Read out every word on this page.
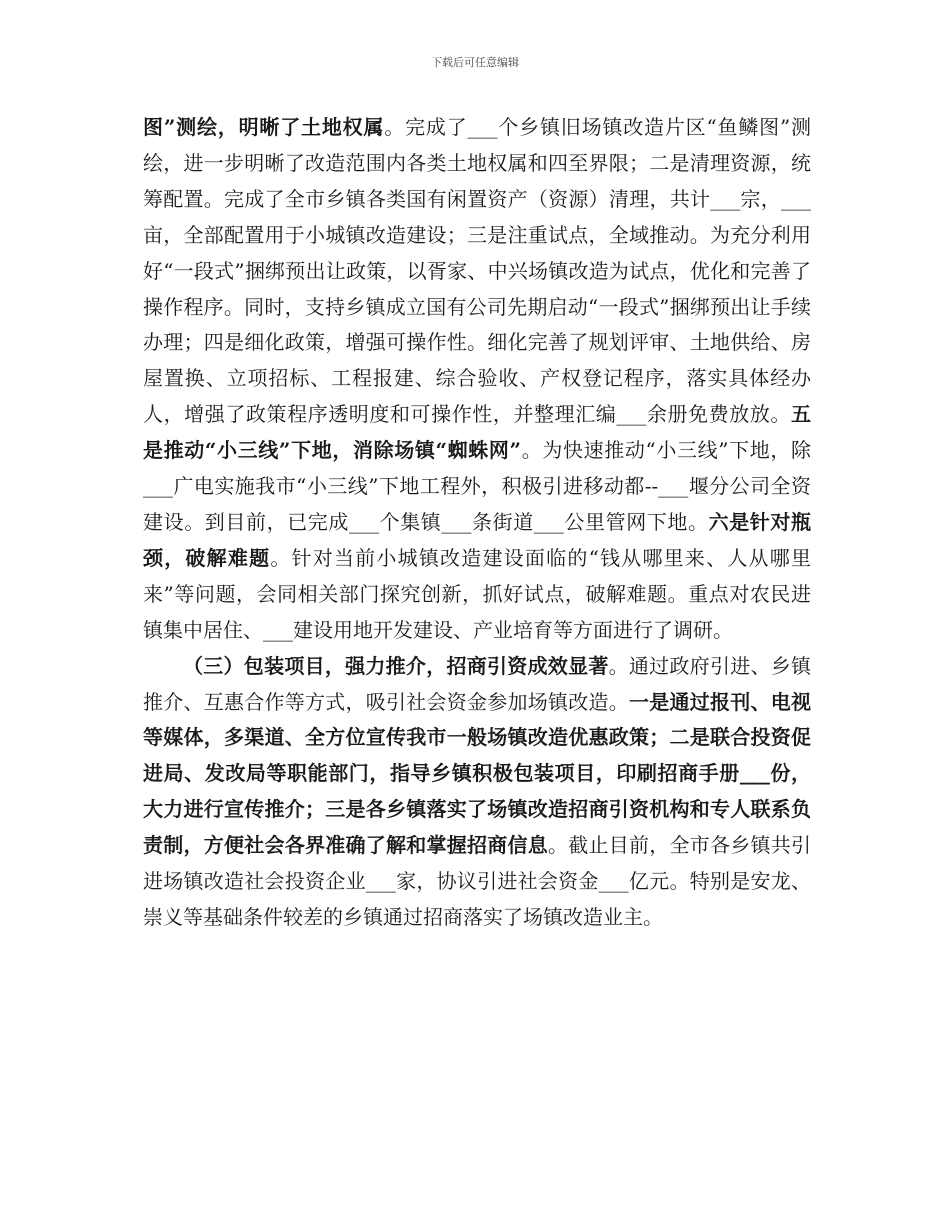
下载后可任意编辑

图”测绘，明晰了土地权属。完成了___个乡镇旧场镇改造片区“鱼鳞图”测绘，进一步明晰了改造范围内各类土地权属和四至界限；二是清理资源，统筹配置。完成了全市乡镇各类国有闲置资产（资源）清理，共计___宗，___亩，全部配置用于小城镇改造建设；三是注重试点，全域推动。为充分利用好“一段式”捆绑预出让政策，以胥家、中兴场镇改造为试点，优化和完善了操作程序。同时，支持乡镇成立国有公司先期启动“一段式”捆绑预出让手续办理；四是细化政策，增强可操作性。细化完善了规划评审、土地供给、房屋置换、立项招标、工程报建、综合验收、产权登记程序，落实具体经办人，增强了政策程序透明度和可操作性，并整理汇编___余册免费放放。五是推动“小三线”下地，消除场镇“蜘蛛网”。为快速推动“小三线”下地，除___广电实施我市“小三线”下地工程外，积极引进移动都--___堰分公司全资建设。到目前，已完成___个集镇___条街道___公里管网下地。六是针对瓶颈，破解难题。针对当前小城镇改造建设面临的“钱从哪里来、人从哪里来”等问题，会同相关部门探究创新，抓好试点，破解难题。重点对农民进镇集中居住、___建设用地开发建设、产业培育等方面进行了调研。

（三）包装项目，强力推介，招商引资成效显著。通过政府引进、乡镇推介、互惠合作等方式，吸引社会资金参加场镇改造。一是通过报刊、电视等媒体，多渠道、全方位宣传我市一般场镇改造优惠政策；二是联合投资促进局、发改局等职能部门，指导乡镇积极包装项目，印刷招商手册___份，大力进行宣传推介；三是各乡镇落实了场镇改造招商引资机构和专人联系负责制，方便社会各界准确了解和掌握招商信息。截止目前，全市各乡镇共引进场镇改造社会投资企业___家，协议引进社会资金___亿元。特别是安龙、崇义等基础条件较差的乡镇通过招商落实了场镇改造业主。
